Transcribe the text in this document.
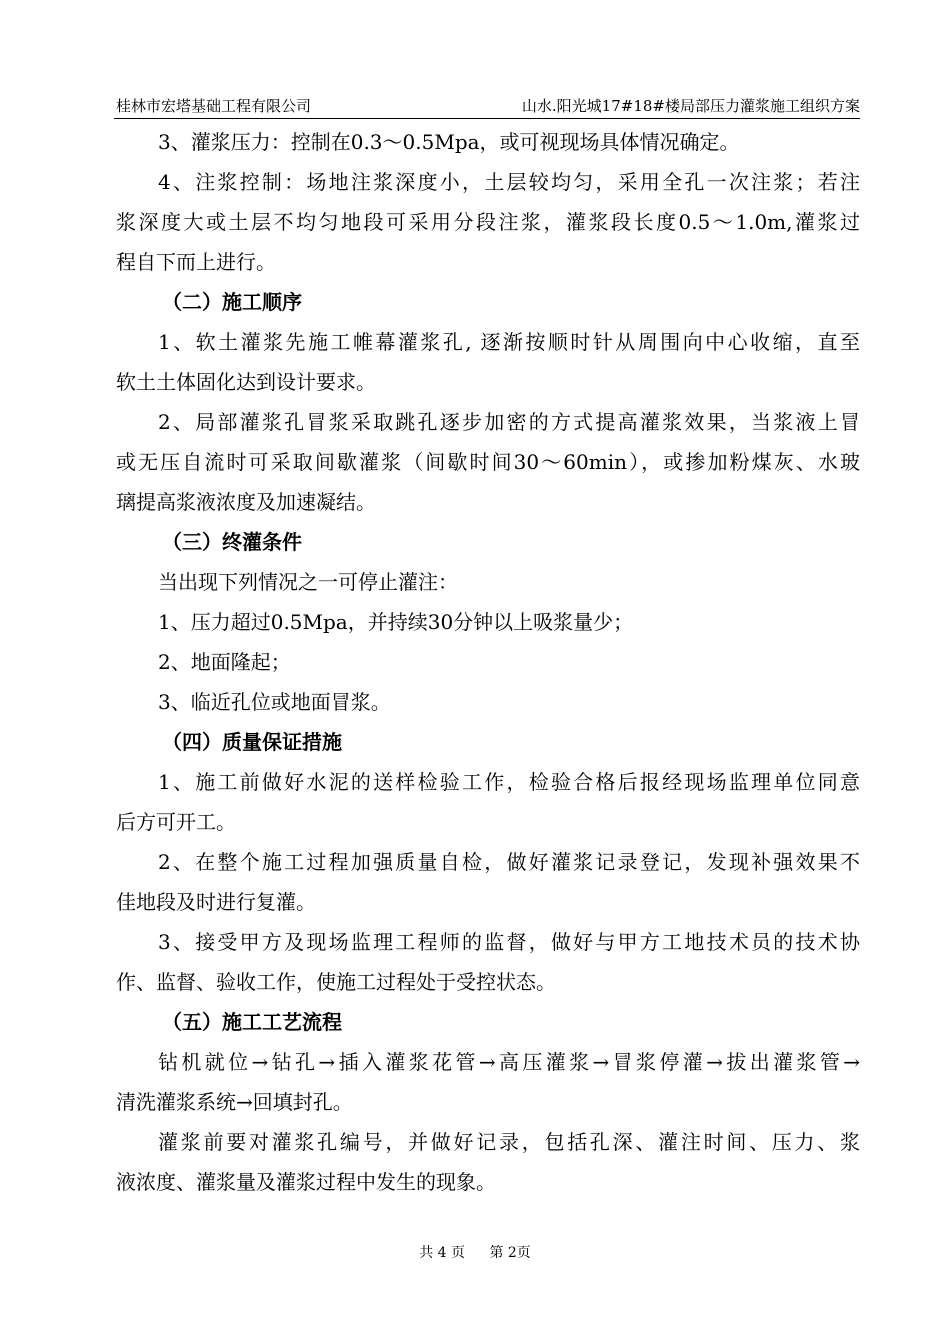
桂林市宏塔基础工程有限公司	山水.阳光城17#18#楼局部压力灌浆施工组织方案
3、灌浆压力：控制在0.3～0.5Mpa，或可视现场具体情况确定。
4、注浆控制：场地注浆深度小，土层较均匀，采用全孔一次注浆；若注
浆深度大或土层不均匀地段可采用分段注浆，灌浆段长度0.5～1.0m,灌浆过
程自下而上进行。
（二）施工顺序
1、软土灌浆先施工帷幕灌浆孔, 逐渐按顺时针从周围向中心收缩，直至
软土土体固化达到设计要求。
2、局部灌浆孔冒浆采取跳孔逐步加密的方式提高灌浆效果，当浆液上冒
或无压自流时可采取间歇灌浆（间歇时间30～60min），或掺加粉煤灰、水玻
璃提高浆液浓度及加速凝结。
（三）终灌条件
当出现下列情况之一可停止灌注：
1、压力超过0.5Mpa，并持续30分钟以上吸浆量少；
2、地面隆起；
3、临近孔位或地面冒浆。
（四）质量保证措施
1、施工前做好水泥的送样检验工作，检验合格后报经现场监理单位同意
后方可开工。
2、在整个施工过程加强质量自检，做好灌浆记录登记，发现补强效果不
佳地段及时进行复灌。
3、接受甲方及现场监理工程师的监督，做好与甲方工地技术员的技术协
作、监督、验收工作，使施工过程处于受控状态。
（五）施工工艺流程
钻机就位→钻孔→插入灌浆花管→高压灌浆→冒浆停灌→拔出灌浆管→
清洗灌浆系统→回填封孔。
灌浆前要对灌浆孔编号，并做好记录，包括孔深、灌注时间、压力、浆
液浓度、灌浆量及灌浆过程中发生的现象。
共 4 页 第 2页
